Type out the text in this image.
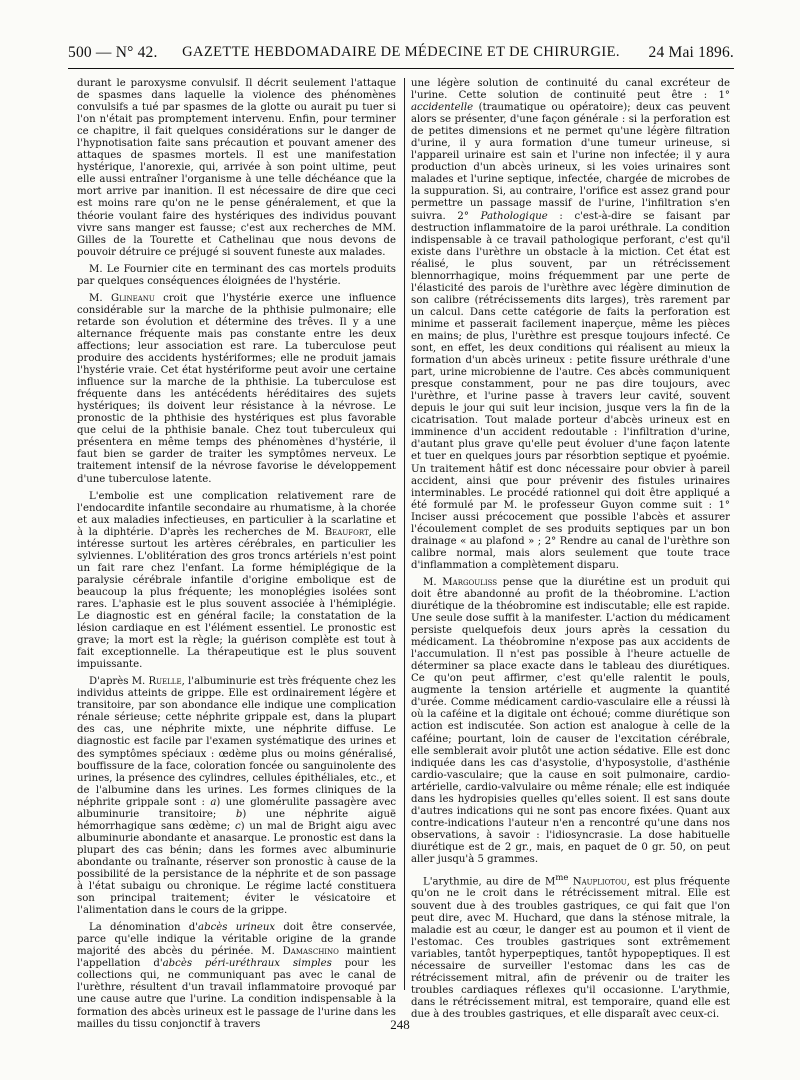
500 — N° 42.	GAZETTE HEBDOMADAIRE DE MÉDECINE ET DE CHIRURGIE.	24 Mai 1896.

durant le paroxysme convulsif. Il décrit seulement l'attaque de spasmes dans laquelle la violence des phénomènes convulsifs a tué par spasmes de la glotte ou aurait pu tuer si l'on n'était pas promptement intervenu. Enfin, pour terminer ce chapitre, il fait quelques considérations sur le danger de l'hypnotisation faite sans précaution et pouvant amener des attaques de spasmes mortels. Il est une manifestation hystérique, l'anorexie, qui, arrivée à son point ultime, peut elle aussi entraîner l'organisme à une telle déchéance que la mort arrive par inanition. Il est nécessaire de dire que ceci est moins rare qu'on ne le pense généralement, et que la théorie voulant faire des hystériques des individus pouvant vivre sans manger est fausse; c'est aux recherches de MM. Gilles de la Tourette et Cathelinau que nous devons de pouvoir détruire ce préjugé si souvent funeste aux malades.

M. Le Fournier cite en terminant des cas mortels produits par quelques conséquences éloignées de l'hystérie.

M. Glineanu croit que l'hystérie exerce une influence considérable sur la marche de la phthisie pulmonaire; elle retarde son évolution et détermine des trêves. Il y a une alternance fréquente mais pas constante entre les deux affections; leur association est rare. La tuberculose peut produire des accidents hystériformes; elle ne produit jamais l'hystérie vraie. Cet état hystériforme peut avoir une certaine influence sur la marche de la phthisie. La tuberculose est fréquente dans les antécédents héréditaires des sujets hystériques; ils doivent leur résistance à la névrose. Le pronostic de la phthisie des hystériques est plus favorable que celui de la phthisie banale. Chez tout tuberculeux qui présentera en même temps des phénomènes d'hystérie, il faut bien se garder de traiter les symptômes nerveux. Le traitement intensif de la névrose favorise le développement d'une tuberculose latente.

L'embolie est une complication relativement rare de l'endocardite infantile secondaire au rhumatisme, à la chorée et aux maladies infectieuses, en particulier à la scarlatine et à la diphtérie. D'après les recherches de M. Beaufort, elle intéresse surtout les artères cérébrales, en particulier les sylviennes. L'oblitération des gros troncs artériels n'est point un fait rare chez l'enfant. La forme hémiplégique de la paralysie cérébrale infantile d'origine embolique est de beaucoup la plus fréquente; les monoplégies isolées sont rares. L'aphasie est le plus souvent associée à l'hémiplégie. Le diagnostic est en général facile; la constatation de la lésion cardiaque en est l'élément essentiel. Le pronostic est grave; la mort est la règle; la guérison complète est tout à fait exceptionnelle. La thérapeutique est le plus souvent impuissante.

D'après M. Ruelle, l'albuminurie est très fréquente chez les individus atteints de grippe. Elle est ordinairement légère et transitoire, par son abondance elle indique une complication rénale sérieuse; cette néphrite grippale est, dans la plupart des cas, une néphrite mixte, une néphrite diffuse. Le diagnostic est facile par l'examen systématique des urines et des symptômes spéciaux : œdème plus ou moins généralisé, bouffissure de la face, coloration foncée ou sanguinolente des urines, la présence des cylindres, cellules épithéliales, etc., et de l'albumine dans les urines. Les formes cliniques de la néphrite grippale sont : a) une glomérulite passagère avec albuminurie transitoire; b) une néphrite aiguë hémorrhagique sans œdème; c) un mal de Bright aigu avec albuminurie abondante et anasarque. Le pronostic est dans la plupart des cas bénin; dans les formes avec albuminurie abondante ou traînante, réserver son pronostic à cause de la possibilité de la persistance de la néphrite et de son passage à l'état subaigu ou chronique. Le régime lacté constituera son principal traitement; éviter le vésicatoire et l'alimentation dans le cours de la grippe.

La dénomination d'abcès urineux doit être conservée, parce qu'elle indique la véritable origine de la grande majorité des abcès du périnée. M. Damaschino maintient l'appellation d'abcès péri-uréthraux simples pour les collections qui, ne communiquant pas avec le canal de l'urèthre, résultent d'un travail inflammatoire provoqué par une cause autre que l'urine. La condition indispensable à la formation des abcès urineux est le passage de l'urine dans les mailles du tissu conjonctif à travers

une légère solution de continuité du canal excréteur de l'urine. Cette solution de continuité peut être : 1° accidentelle (traumatique ou opératoire); deux cas peuvent alors se présenter, d'une façon générale : si la perforation est de petites dimensions et ne permet qu'une légère filtration d'urine, il y aura formation d'une tumeur urineuse, si l'appareil urinaire est sain et l'urine non infectée; il y aura production d'un abcès urineux, si les voies urinaires sont malades et l'urine septique, infectée, chargée de microbes de la suppuration. Si, au contraire, l'orifice est assez grand pour permettre un passage massif de l'urine, l'infiltration s'en suivra. 2° Pathologique : c'est-à-dire se faisant par destruction inflammatoire de la paroi uréthrale. La condition indispensable à ce travail pathologique perforant, c'est qu'il existe dans l'urèthre un obstacle à la miction. Cet état est réalisé, le plus souvent, par un rétrécissement blennorrhagique, moins fréquemment par une perte de l'élasticité des parois de l'urèthre avec légère diminution de son calibre (rétrécissements dits larges), très rarement par un calcul. Dans cette catégorie de faits la perforation est minime et passerait facilement inaperçue, même les pièces en mains; de plus, l'urèthre est presque toujours infecté. Ce sont, en effet, les deux conditions qui réalisent au mieux la formation d'un abcès urineux : petite fissure uréthrale d'une part, urine microbienne de l'autre. Ces abcès communiquent presque constamment, pour ne pas dire toujours, avec l'urèthre, et l'urine passe à travers leur cavité, souvent depuis le jour qui suit leur incision, jusque vers la fin de la cicatrisation. Tout malade porteur d'abcès urineux est en imminence d'un accident redoutable : l'infiltration d'urine, d'autant plus grave qu'elle peut évoluer d'une façon latente et tuer en quelques jours par résorbtion septique et pyoémie. Un traitement hâtif est donc nécessaire pour obvier à pareil accident, ainsi que pour prévenir des fistules urinaires interminables. Le procédé rationnel qui doit être appliqué a été formulé par M. le professeur Guyon comme suit : 1° Inciser aussi précocement que possible l'abcès et assurer l'écoulement complet de ses produits septiques par un bon drainage « au plafond » ; 2° Rendre au canal de l'urèthre son calibre normal, mais alors seulement que toute trace d'inflammation a complètement disparu.

M. Margouliss pense que la diurétine est un produit qui doit être abandonné au profit de la théobromine. L'action diurétique de la théobromine est indiscutable; elle est rapide. Une seule dose suffit à la manifester. L'action du médicament persiste quelquefois deux jours après la cessation du médicament. La théobromine n'expose pas aux accidents de l'accumulation. Il n'est pas possible à l'heure actuelle de déterminer sa place exacte dans le tableau des diurétiques. Ce qu'on peut affirmer, c'est qu'elle ralentit le pouls, augmente la tension artérielle et augmente la quantité d'urée. Comme médicament cardio-vasculaire elle a réussi là où la caféine et la digitale ont échoué; comme diurétique son action est indiscutée. Son action est analogue à celle de la caféine; pourtant, loin de causer de l'excitation cérébrale, elle semblerait avoir plutôt une action sédative. Elle est donc indiquée dans les cas d'asystolie, d'hyposystolie, d'asthénie cardio-vasculaire; que la cause en soit pulmonaire, cardio-artérielle, cardio-valvulaire ou même rénale; elle est indiquée dans les hydropisies quelles qu'elles soient. Il est sans doute d'autres indications qui ne sont pas encore fixées. Quant aux contre-indications l'auteur n'en a rencontré qu'une dans nos observations, à savoir : l'idiosyncrasie. La dose habituelle diurétique est de 2 gr., mais, en paquet de 0 gr. 50, on peut aller jusqu'à 5 grammes.

L'arythmie, au dire de $M^{me}$ Naupliotou, est plus fréquente qu'on ne le croit dans le rétrécissement mitral. Elle est souvent due à des troubles gastriques, ce qui fait que l'on peut dire, avec M. Huchard, que dans la sténose mitrale, la maladie est au cœur, le danger est au poumon et il vient de l'estomac. Ces troubles gastriques sont extrêmement variables, tantôt hyperpeptiques, tantôt hypopeptiques. Il est nécessaire de surveiller l'estomac dans les cas de rétrécissement mitral, afin de prévenir ou de traiter les troubles cardiaques réflexes qu'il occasionne. L'arythmie, dans le rétrécissement mitral, est temporaire, quand elle est due à des troubles gastriques, et elle disparaît avec ceux-ci.

248
